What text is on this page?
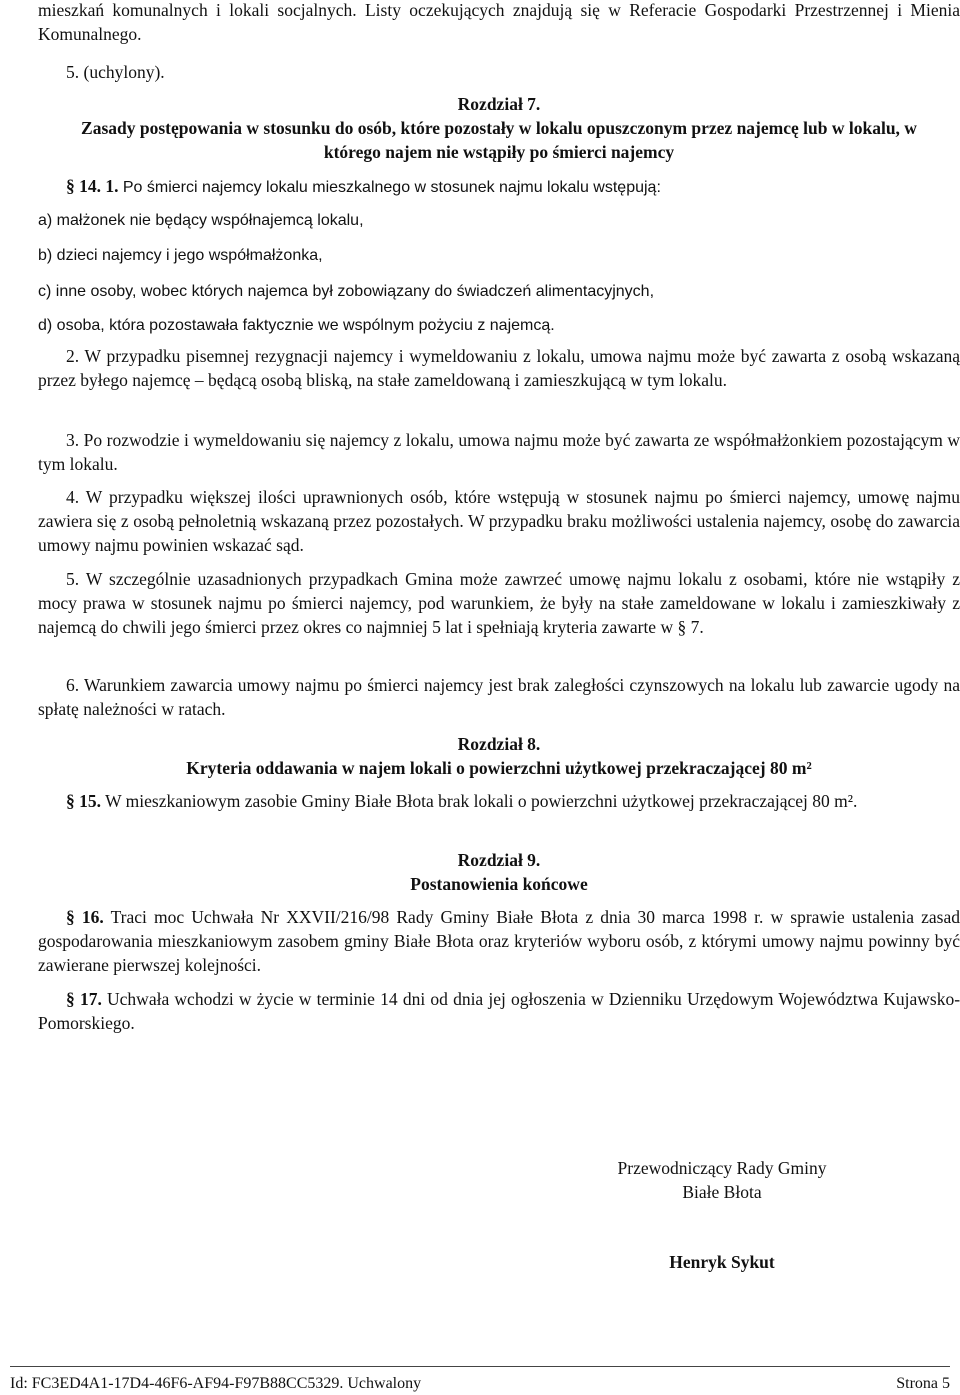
mieszkań komunalnych i lokali socjalnych. Listy oczekujących znajdują się w Referacie Gospodarki Przestrzennej i Mienia Komunalnego.

5. (uchylony).

Rozdział 7.

Zasady postępowania w stosunku do osób, które pozostały w lokalu opuszczonym przez najemcę lub w lokalu, w którego najem nie wstąpiły po śmierci najemcy

§ 14. 1. Po śmierci najemcy lokalu mieszkalnego w stosunek najmu lokalu wstępują:
a) małżonek nie będący współnajemcą lokalu,
b) dzieci najemcy i jego współmałżonka,
c) inne osoby, wobec których najemca był zobowiązany do świadczeń alimentacyjnych,
d) osoba, która pozostawała faktycznie we wspólnym pożyciu z najemcą.

2. W przypadku pisemnej rezygnacji najemcy i wymeldowaniu z lokalu, umowa najmu może być zawarta z osobą wskazaną przez byłego najemcę – będącą osobą bliską, na stałe zameldowaną i zamieszkującą w tym lokalu.

3. Po rozwodzie i wymeldowaniu się najemcy z lokalu, umowa najmu może być zawarta ze współmałżonkiem pozostającym w tym lokalu.

4. W przypadku większej ilości uprawnionych osób, które wstępują w stosunek najmu po śmierci najemcy, umowę najmu zawiera się z osobą pełnoletnią wskazaną przez pozostałych. W przypadku braku możliwości ustalenia najemcy, osobę do zawarcia umowy najmu powinien wskazać sąd.

5. W szczególnie uzasadnionych przypadkach Gmina może zawrzeć umowę najmu lokalu z osobami, które nie wstąpiły z mocy prawa w stosunek najmu po śmierci najemcy, pod warunkiem, że były na stałe zameldowane w lokalu i zamieszkiwały z najemcą do chwili jego śmierci przez okres co najmniej 5 lat i spełniają kryteria zawarte w § 7.

6. Warunkiem zawarcia umowy najmu po śmierci najemcy jest brak zaległości czynszowych na lokalu lub zawarcie ugody na spłatę należności w ratach.

Rozdział 8.

Kryteria oddawania w najem lokali o powierzchni użytkowej przekraczającej 80 m²

§ 15. W mieszkaniowym zasobie Gminy Białe Błota brak lokali o powierzchni użytkowej przekraczającej 80 m².

Rozdział 9.

Postanowienia końcowe

§ 16. Traci moc Uchwała Nr XXVII/216/98 Rady Gminy Białe Błota z dnia 30 marca 1998 r. w sprawie ustalenia zasad gospodarowania mieszkaniowym zasobem gminy Białe Błota oraz kryteriów wyboru osób, z którymi umowy najmu powinny być zawierane pierwszej kolejności.

§ 17. Uchwała wchodzi w życie w terminie 14 dni od dnia jej ogłoszenia w Dzienniku Urzędowym Województwa Kujawsko-Pomorskiego.

Przewodniczący Rady Gminy
Białe Błota
Henryk Sykut
Id: FC3ED4A1-17D4-46F6-AF94-F97B88CC5329. Uchwalony	Strona 5
